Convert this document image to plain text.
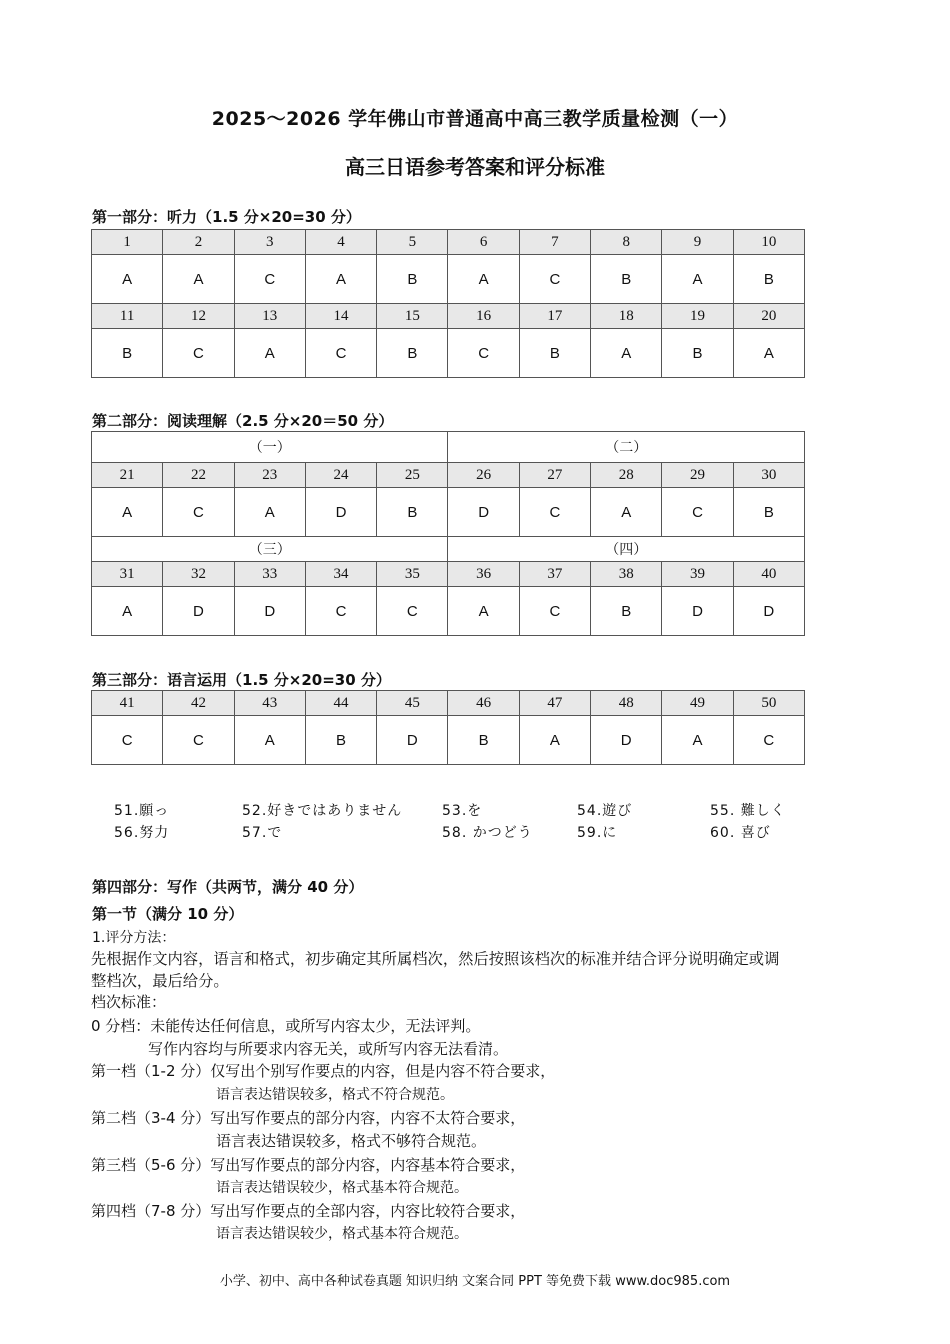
2025～2026 学年佛山市普通高中高三教学质量检测（一）
高三日语参考答案和评分标准
第一部分：听力（1.5 分×20=30 分）
1	2	3	4	5	6	7	8	9	10
A	A	C	A	B	A	C	B	A	B
11	12	13	14	15	16	17	18	19	20
B	C	A	C	B	C	B	A	B	A
第二部分：阅读理解（2.5 分×20＝50 分）
（一）					（二）				
21	22	23	24	25	26	27	28	29	30
A	C	A	D	B	D	C	A	C	B
（三）					（四）				
31	32	33	34	35	36	37	38	39	40
A	D	D	C	C	A	C	B	D	D
第三部分：语言运用（1.5 分×20=30 分）
41	42	43	44	45	46	47	48	49	50
C	C	A	B	D	B	A	D	A	C
51.願っ	52.好きではありません	53.を	54.遊び	55. 難しく
56.努力	57.で	58. かつどう	59.に	60. 喜び
第四部分：写作（共两节，满分 40 分）
第一节（满分 10 分）
1.评分方法：
先根据作文内容，语言和格式，初步确定其所属档次，然后按照该档次的标准并结合评分说明确定或调
整档次，最后给分。
档次标准：
0 分档：未能传达任何信息，或所写内容太少，无法评判。
写作内容均与所要求内容无关，或所写内容无法看清。
第一档（1-2 分）仅写出个别写作要点的内容，但是内容不符合要求，
语言表达错误较多，格式不符合规范。
第二档（3-4 分）写出写作要点的部分内容，内容不太符合要求，
语言表达错误较多，格式不够符合规范。
第三档（5-6 分）写出写作要点的部分内容，内容基本符合要求，
语言表达错误较少，格式基本符合规范。
第四档（7-8 分）写出写作要点的全部内容，内容比较符合要求，
语言表达错误较少，格式基本符合规范。
小学、初中、高中各种试卷真题 知识归纳 文案合同 PPT 等免费下载 www.doc985.com
